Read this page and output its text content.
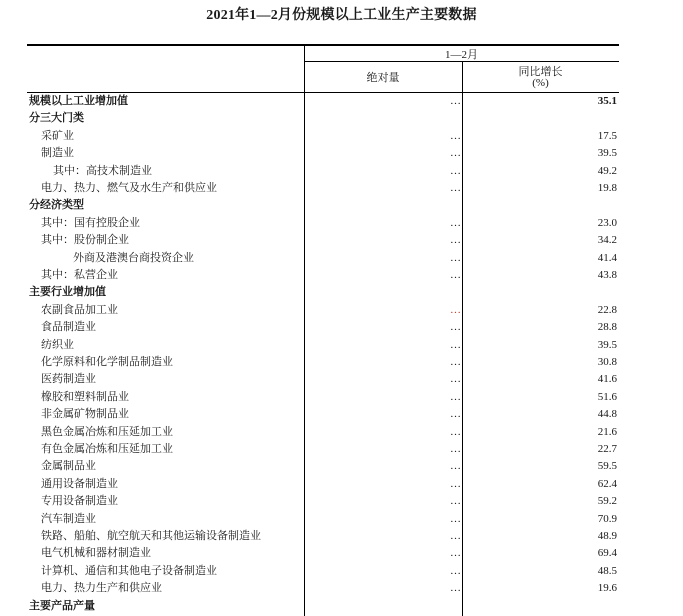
2021年1—2月份规模以上工业生产主要数据
1—2月
绝对量	同比增长
(%)
规模以上工业增加值	…	35.1
分三大门类
采矿业	…	17.5
制造业	…	39.5
其中：高技术制造业	…	49.2
电力、热力、燃气及水生产和供应业	…	19.8
分经济类型
其中：国有控股企业	…	23.0
其中：股份制企业	…	34.2
外商及港澳台商投资企业	…	41.4
其中：私营企业	…	43.8
主要行业增加值
农副食品加工业	…	22.8
食品制造业	…	28.8
纺织业	…	39.5
化学原料和化学制品制造业	…	30.8
医药制造业	…	41.6
橡胶和塑料制品业	…	51.6
非金属矿物制品业	…	44.8
黑色金属冶炼和压延加工业	…	21.6
有色金属冶炼和压延加工业	…	22.7
金属制品业	…	59.5
通用设备制造业	…	62.4
专用设备制造业	…	59.2
汽车制造业	…	70.9
铁路、船舶、航空航天和其他运输设备制造业	…	48.9
电气机械和器材制造业	…	69.4
计算机、通信和其他电子设备制造业	…	48.5
电力、热力生产和供应业	…	19.6
主要产品产量
